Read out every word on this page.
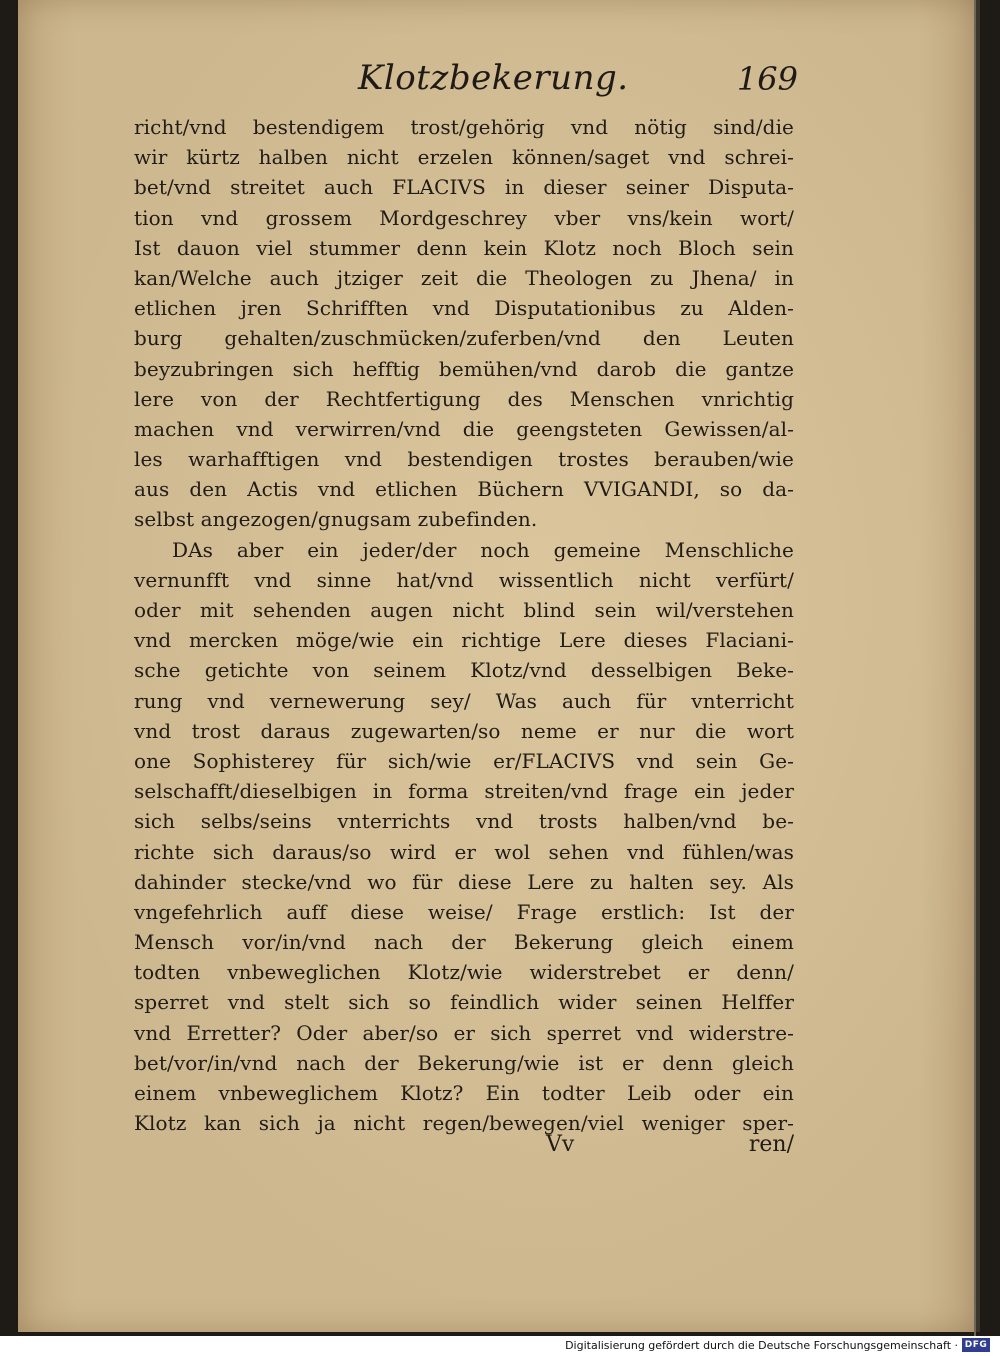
Klotzbekerung.	169
richt/vnd bestendigem trost/gehörig vnd nötig sind/die
wir kürtz halben nicht erzelen können/saget vnd schrei-
bet/vnd streitet auch FLACIVS in dieser seiner Disputa-
tion vnd grossem Mordgeschrey vber vns/kein wort/
Ist dauon viel stummer denn kein Klotz noch Bloch sein
kan/Welche auch jtziger zeit die Theologen zu Jhena/ in
etlichen jren Schrifften vnd Disputationibus zu Alden-
burg gehalten/zuschmücken/zuferben/vnd den Leuten
beyzubringen sich hefftig bemühen/vnd darob die gantze
lere von der Rechtfertigung des Menschen vnrichtig
machen vnd verwirren/vnd die geengsteten Gewissen/al-
les warhafftigen vnd bestendigen trostes berauben/wie
aus den Actis vnd etlichen Büchern VVIGANDI, so da-
selbst angezogen/gnugsam zubefinden.
DAs aber ein jeder/der noch gemeine Menschliche
vernunfft vnd sinne hat/vnd wissentlich nicht verfürt/
oder mit sehenden augen nicht blind sein wil/verstehen
vnd mercken möge/wie ein richtige Lere dieses Flaciani-
sche getichte von seinem Klotz/vnd desselbigen Beke-
rung vnd vernewerung sey/ Was auch für vnterricht
vnd trost daraus zugewarten/so neme er nur die wort
one Sophisterey für sich/wie er/FLACIVS vnd sein Ge-
selschafft/dieselbigen in forma streiten/vnd frage ein jeder
sich selbs/seins vnterrichts vnd trosts halben/vnd be-
richte sich daraus/so wird er wol sehen vnd fühlen/was
dahinder stecke/vnd wo für diese Lere zu halten sey. Als
vngefehrlich auff diese weise/ Frage erstlich: Ist der
Mensch vor/in/vnd nach der Bekerung gleich einem
todten vnbeweglichen Klotz/wie widerstrebet er denn/
sperret vnd stelt sich so feindlich wider seinen Helffer
vnd Erretter? Oder aber/so er sich sperret vnd widerstre-
bet/vor/in/vnd nach der Bekerung/wie ist er denn gleich
einem vnbeweglichem Klotz? Ein todter Leib oder ein
Klotz kan sich ja nicht regen/bewegen/viel weniger sper-
Vv	ren/
Digitalisierung gefördert durch die Deutsche Forschungsgemeinschaft · DFG
